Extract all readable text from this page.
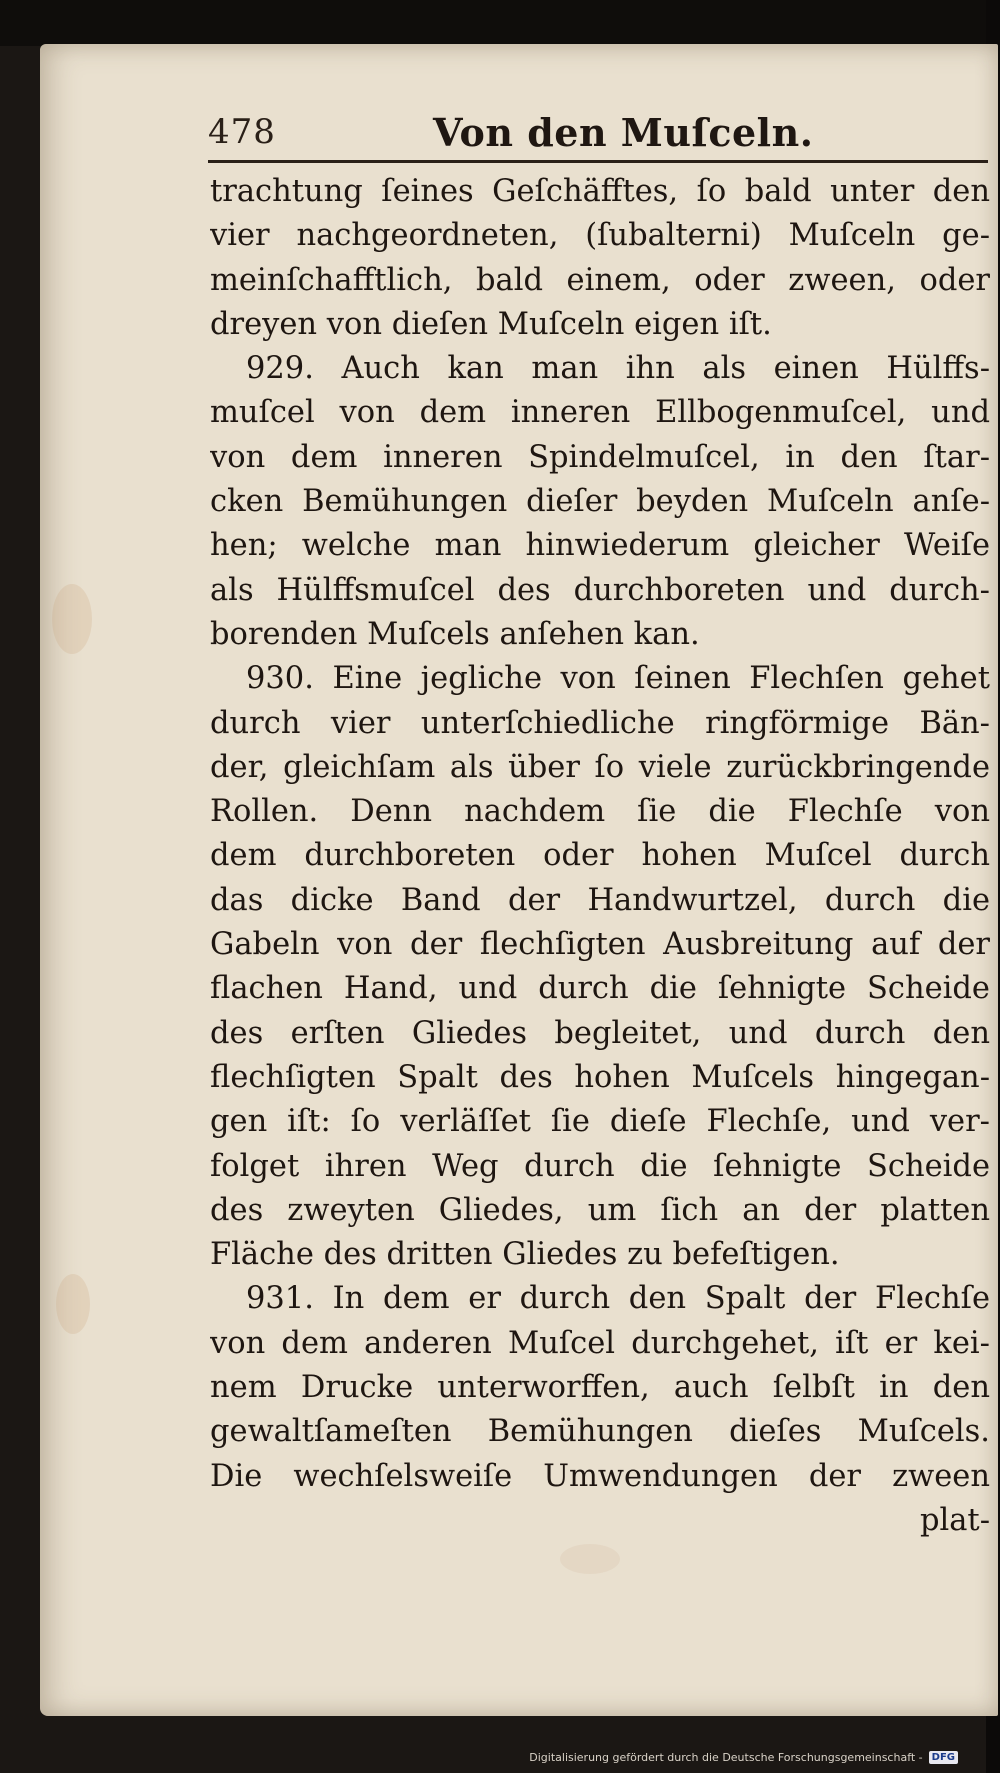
478	Von den Muſceln.
trachtung ſeines Geſchäfftes, ſo bald unter den
vier nachgeordneten, (ſubalterni) Muſceln ge-
meinſchafftlich, bald einem, oder zween, oder
dreyen von dieſen Muſceln eigen iſt.
929. Auch kan man ihn als einen Hülffs-
muſcel von dem inneren Ellbogenmuſcel, und
von dem inneren Spindelmuſcel, in den ſtar-
cken Bemühungen dieſer beyden Muſceln anſe-
hen; welche man hinwiederum gleicher Weiſe
als Hülffsmuſcel des durchboreten und durch-
borenden Muſcels anſehen kan.
930. Eine jegliche von ſeinen Flechſen gehet
durch vier unterſchiedliche ringförmige Bän-
der, gleichſam als über ſo viele zurückbringende
Rollen. Denn nachdem ſie die Flechſe von
dem durchboreten oder hohen Muſcel durch
das dicke Band der Handwurtzel, durch die
Gabeln von der flechſigten Ausbreitung auf der
flachen Hand, und durch die ſehnigte Scheide
des erſten Gliedes begleitet, und durch den
flechſigten Spalt des hohen Muſcels hingegan-
gen iſt: ſo verläſſet ſie dieſe Flechſe, und ver-
folget ihren Weg durch die ſehnigte Scheide
des zweyten Gliedes, um ſich an der platten
Fläche des dritten Gliedes zu befeſtigen.
931. In dem er durch den Spalt der Flechſe
von dem anderen Muſcel durchgehet, iſt er kei-
nem Drucke unterworffen, auch ſelbſt in den
gewaltſameſten Bemühungen dieſes Muſcels.
Die wechſelsweiſe Umwendungen der zween
plat-
Digitalisierung gefördert durch die Deutsche Forschungsgemeinschaft - DFG
